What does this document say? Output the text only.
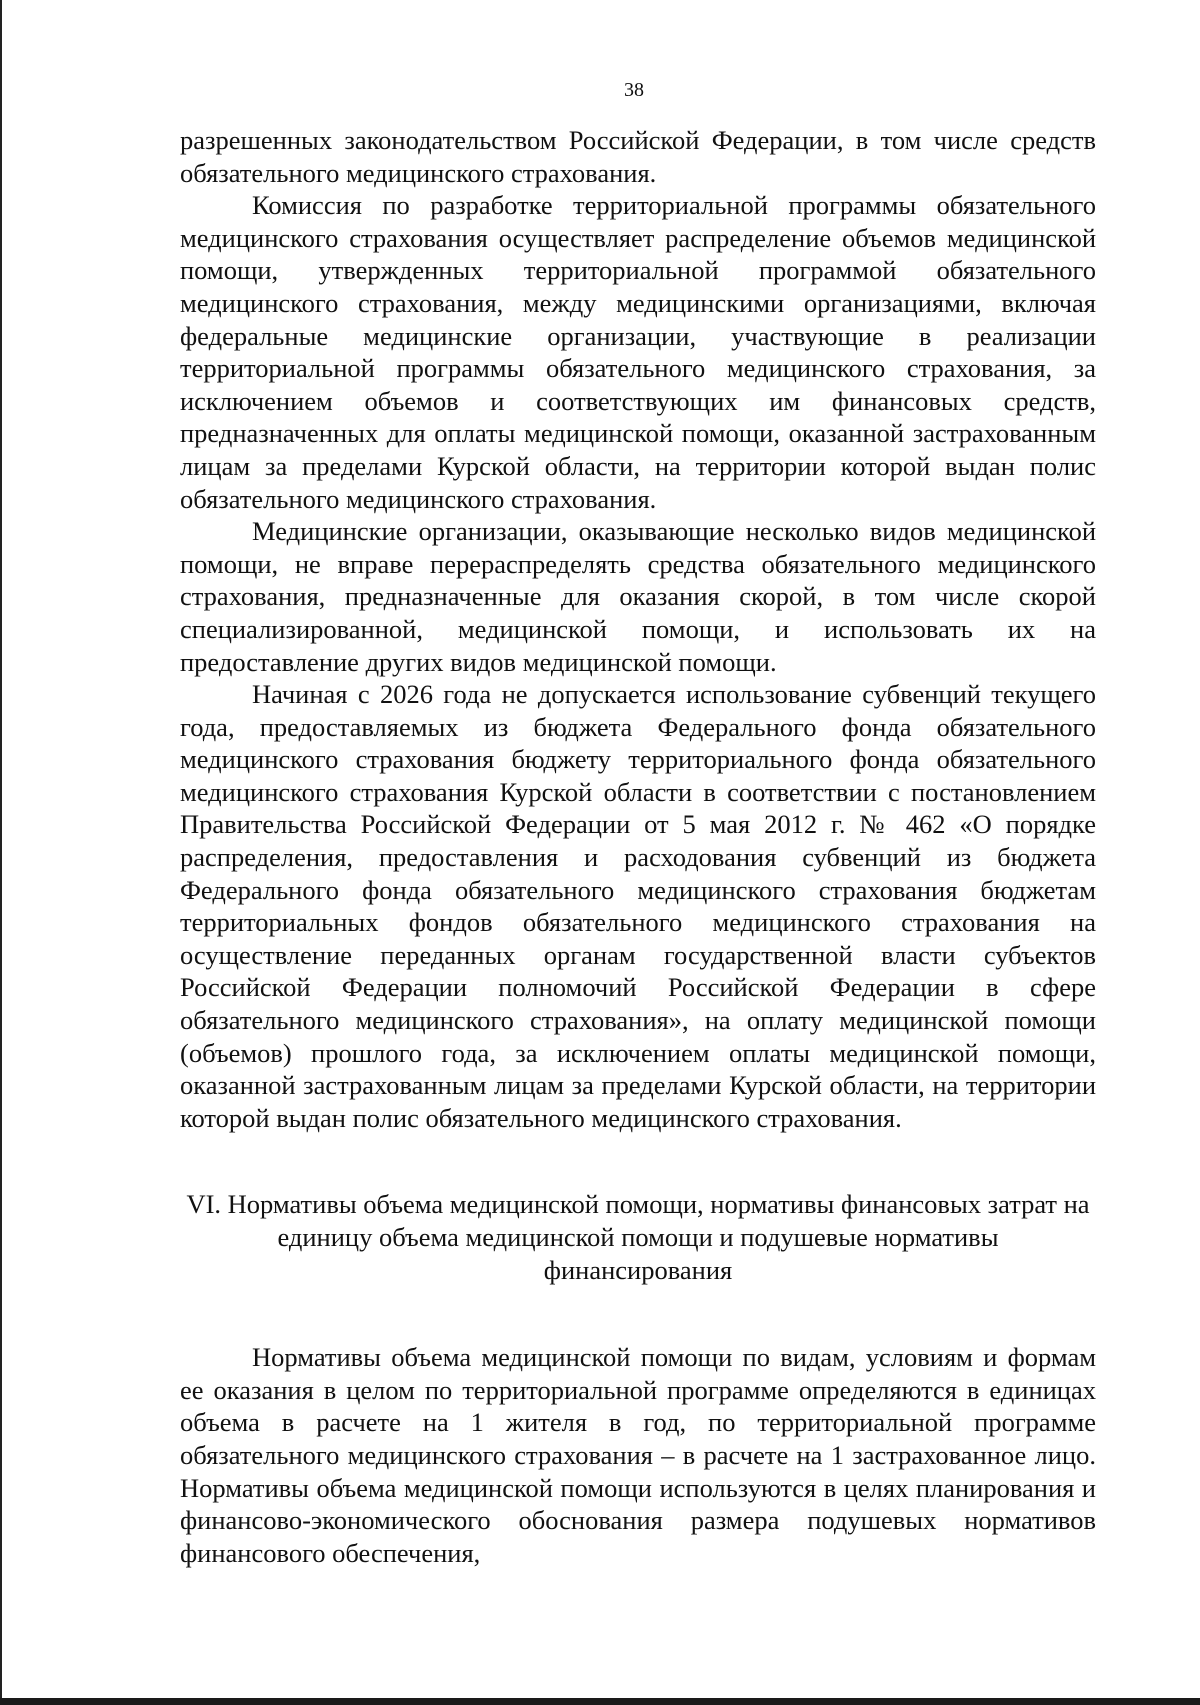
38

разрешенных законодательством Российской Федерации, в том числе средств обязательного медицинского страхования.

Комиссия по разработке территориальной программы обязательного медицинского страхования осуществляет распределение объемов медицинской помощи, утвержденных территориальной программой обязательного медицинского страхования, между медицинскими организациями, включая федеральные медицинские организации, участвующие в реализации территориальной программы обязательного медицинского страхования, за исключением объемов и соответствующих им финансовых средств, предназначенных для оплаты медицинской помощи, оказанной застрахованным лицам за пределами Курской области, на территории которой выдан полис обязательного медицинского страхования.

Медицинские организации, оказывающие несколько видов медицинской помощи, не вправе перераспределять средства обязательного медицинского страхования, предназначенные для оказания скорой, в том числе скорой специализированной, медицинской помощи, и использовать их на предоставление других видов медицинской помощи.

Начиная с 2026 года не допускается использование субвенций текущего года, предоставляемых из бюджета Федерального фонда обязательного медицинского страхования бюджету территориального фонда обязательного медицинского страхования Курской области в соответствии с постановлением Правительства Российской Федерации от 5 мая 2012 г. № 462 «О порядке распределения, предоставления и расходования субвенций из бюджета Федерального фонда обязательного медицинского страхования бюджетам территориальных фондов обязательного медицинского страхования на осуществление переданных органам государственной власти субъектов Российской Федерации полномочий Российской Федерации в сфере обязательного медицинского страхования», на оплату медицинской помощи (объемов) прошлого года, за исключением оплаты медицинской помощи, оказанной застрахованным лицам за пределами Курской области, на территории которой выдан полис обязательного медицинского страхования.

VI. Нормативы объема медицинской помощи, нормативы финансовых затрат на единицу объема медицинской помощи и подушевые нормативы финансирования

Нормативы объема медицинской помощи по видам, условиям и формам ее оказания в целом по территориальной программе определяются в единицах объема в расчете на 1 жителя в год, по территориальной программе обязательного медицинского страхования – в расчете на 1 застрахованное лицо. Нормативы объема медицинской помощи используются в целях планирования и финансово-экономического обоснования размера подушевых нормативов финансового обеспечения,
